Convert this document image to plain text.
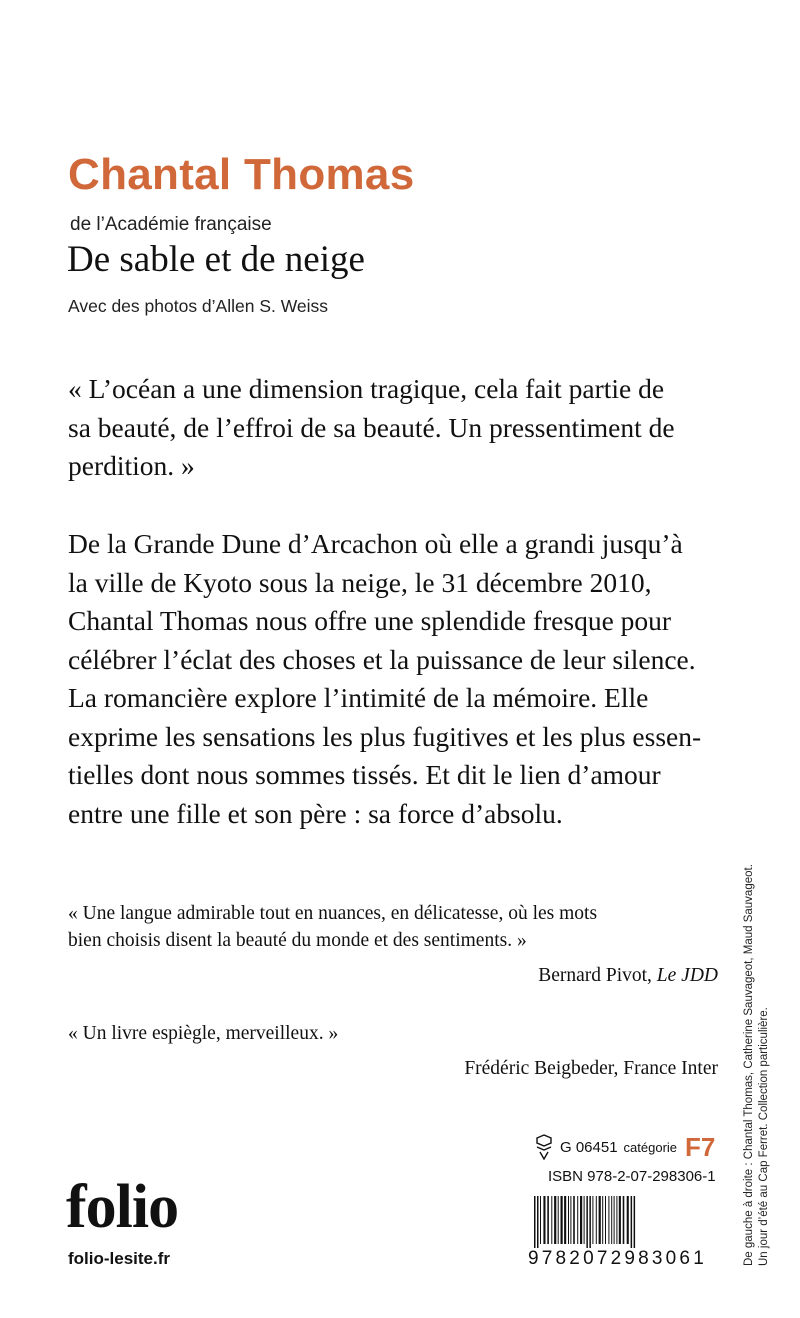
Chantal Thomas
de l’Académie française
De sable et de neige
Avec des photos d’Allen S. Weiss
« L’océan a une dimension tragique, cela fait partie de
sa beauté, de l’effroi de sa beauté. Un pressentiment de
perdition. »
De la Grande Dune d’Arcachon où elle a grandi jusqu’à
la ville de Kyoto sous la neige, le 31 décembre 2010,
Chantal Thomas nous offre une splendide fresque pour
célébrer l’éclat des choses et la puissance de leur silence.
La romancière explore l’intimité de la mémoire. Elle
exprime les sensations les plus fugitives et les plus essen-
tielles dont nous sommes tissés. Et dit le lien d’amour
entre une fille et son père : sa force d’absolu.
« Une langue admirable tout en nuances, en délicatesse, où les mots
bien choisis disent la beauté du monde et des sentiments. »
Bernard Pivot, Le JDD
« Un livre espiègle, merveilleux. »
Frédéric Beigbeder, France Inter De gauche à droite : Chantal Thomas, Catherine Sauvageot, Maud Sauvageot. Un jour d’été au Cap Ferret. Collection particulière.
G 06451 catégorie F7
ISBN 978-2-07-298306-1
9782072983061
folio
folio-lesite.fr
